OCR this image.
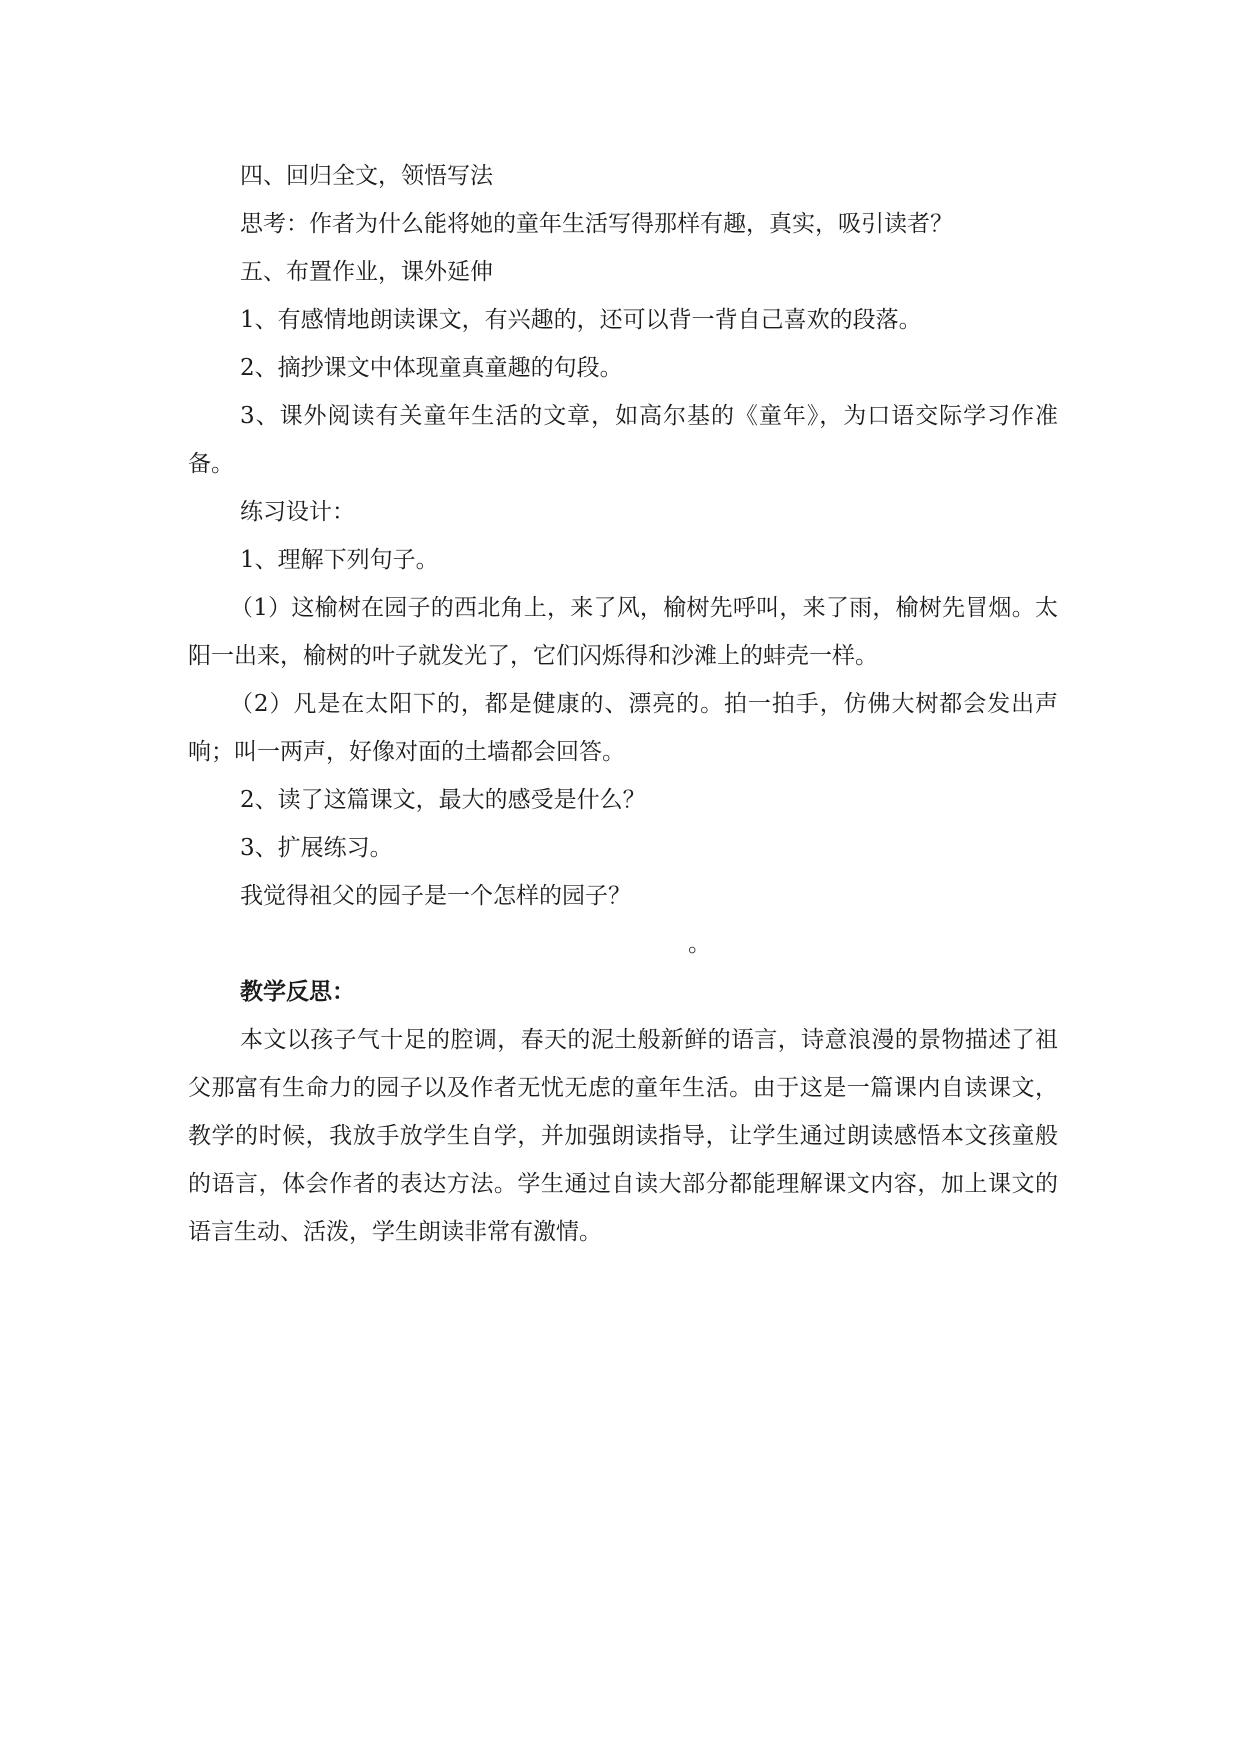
四、回归全文，领悟写法

思考：作者为什么能将她的童年生活写得那样有趣，真实，吸引读者？

五、布置作业，课外延伸

1、有感情地朗读课文，有兴趣的，还可以背一背自己喜欢的段落。

2、摘抄课文中体现童真童趣的句段。

3、课外阅读有关童年生活的文章，如高尔基的《童年》，为口语交际学习作准备。

练习设计：

1、理解下列句子。

（1）这榆树在园子的西北角上，来了风，榆树先呼叫，来了雨，榆树先冒烟。太阳一出来，榆树的叶子就发光了，它们闪烁得和沙滩上的蚌壳一样。

（2）凡是在太阳下的，都是健康的、漂亮的。拍一拍手，仿佛大树都会发出声响；叫一两声，好像对面的土墙都会回答。

2、读了这篇课文，最大的感受是什么？

3、扩展练习。

我觉得祖父的园子是一个怎样的园子？

。

教学反思：

本文以孩子气十足的腔调，春天的泥土般新鲜的语言，诗意浪漫的景物描述了祖父那富有生命力的园子以及作者无忧无虑的童年生活。由于这是一篇课内自读课文，教学的时候，我放手放学生自学，并加强朗读指导，让学生通过朗读感悟本文孩童般的语言，体会作者的表达方法。学生通过自读大部分都能理解课文内容，加上课文的语言生动、活泼，学生朗读非常有激情。
